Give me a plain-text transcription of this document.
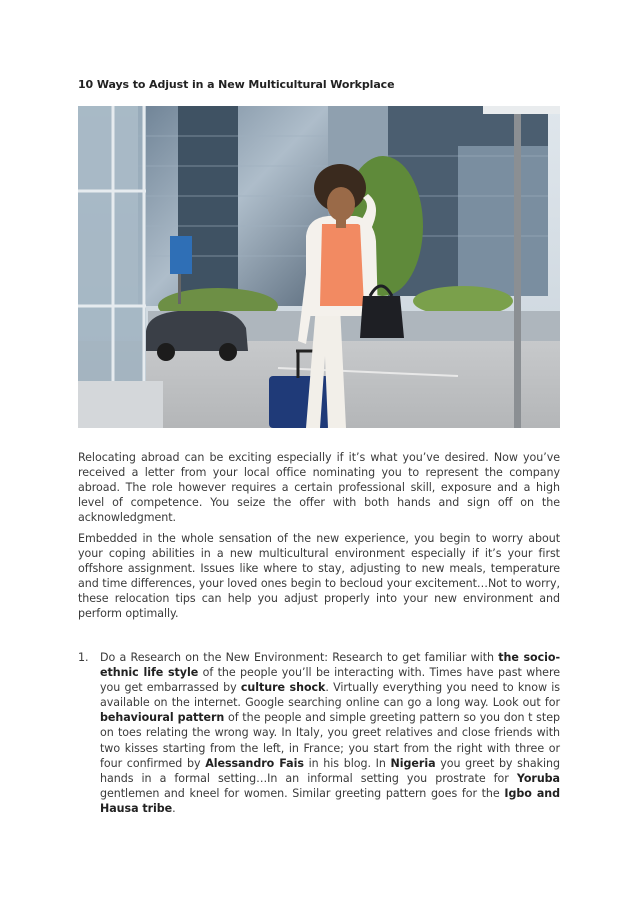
10 Ways to Adjust in a New Multicultural Workplace

Relocating abroad can be exciting especially if it’s what you’ve desired. Now you’ve received a letter from your local office nominating you to represent the company abroad. The role however requires a certain professional skill, exposure and a high level of competence. You seize the offer with both hands and sign off on the acknowledgment.

Embedded in the whole sensation of the new experience, you begin to worry about your coping abilities in a new multicultural environment especially if it’s your first offshore assignment. Issues like where to stay, adjusting to new meals, temperature and time differences, your loved ones begin to becloud your excitement…Not to worry, these relocation tips can help you adjust properly into your new environment and perform optimally.

1. Do a Research on the New Environment: Research to get familiar with the socio-ethnic life style of the people you’ll be interacting with. Times have past where you get embarrassed by culture shock. Virtually everything you need to know is available on the internet. Google searching online can go a long way. Look out for behavioural pattern of the people and simple greeting pattern so you don t step on toes relating the wrong way. In Italy, you greet relatives and close friends with two kisses starting from the left, in France; you start from the right with three or four confirmed by Alessandro Fais in his blog. In Nigeria you greet by shaking hands in a formal setting…In an informal setting you prostrate for Yoruba gentlemen and kneel for women. Similar greeting pattern goes for the Igbo and Hausa tribe.
